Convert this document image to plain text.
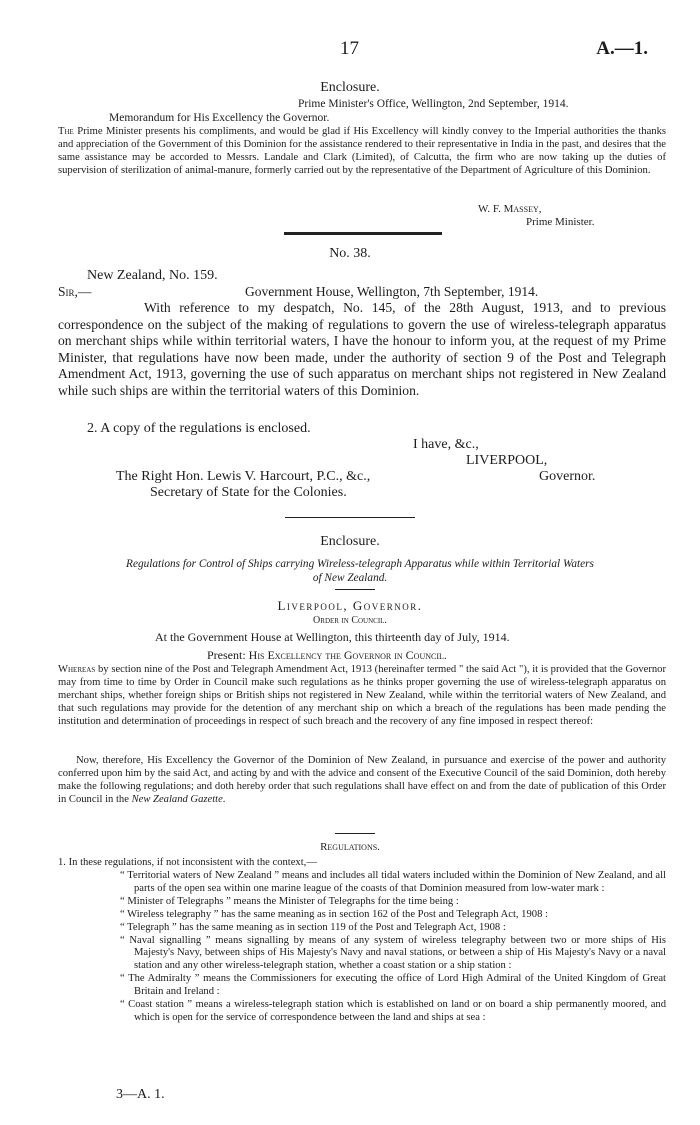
17	A.—1.
Enclosure.
Prime Minister's Office, Wellington, 2nd September, 1914.
Memorandum for His Excellency the Governor.
The Prime Minister presents his compliments, and would be glad if His Excellency will kindly convey to the Imperial authorities the thanks and appreciation of the Government of this Dominion for the assistance rendered to their representative in India in the past, and desires that the same assistance may be accorded to Messrs. Landale and Clark (Limited), of Calcutta, the firm who are now taking up the duties of supervision of sterilization of animal-manure, formerly carried out by the representative of the Department of Agriculture of this Dominion.
W. F. Massey,
Prime Minister.
No. 38.
New Zealand, No. 159.
Sir,—	Government House, Wellington, 7th September, 1914.
With reference to my despatch, No. 145, of the 28th August, 1913, and to previous correspondence on the subject of the making of regulations to govern the use of wireless-telegraph apparatus on merchant ships while within territorial waters, I have the honour to inform you, at the request of my Prime Minister, that regulations have now been made, under the authority of section 9 of the Post and Telegraph Amendment Act, 1913, governing the use of such apparatus on merchant ships not registered in New Zealand while such ships are within the territorial waters of this Dominion.
2. A copy of the regulations is enclosed.
I have, &c.,
LIVERPOOL,
Governor.
The Right Hon. Lewis V. Harcourt, P.C., &c.,
Secretary of State for the Colonies.
Enclosure.
Regulations for Control of Ships carrying Wireless-telegraph Apparatus while within Territorial Waters
of New Zealand.
Liverpool, Governor.
Order in Council.
At the Government House at Wellington, this thirteenth day of July, 1914.
Present: His Excellency the Governor in Council.
Whereas by section nine of the Post and Telegraph Amendment Act, 1913 (hereinafter termed " the said Act "), it is provided that the Governor may from time to time by Order in Council make such regulations as he thinks proper governing the use of wireless-telegraph apparatus on merchant ships, whether foreign ships or British ships not registered in New Zealand, while within the territorial waters of New Zealand, and that such regulations may provide for the detention of any merchant ship on which a breach of the regulations has been made pending the institution and determination of proceedings in respect of such breach and the recovery of any fine imposed in respect thereof:
Now, therefore, His Excellency the Governor of the Dominion of New Zealand, in pursuance and exercise of the power and authority conferred upon him by the said Act, and acting by and with the advice and consent of the Executive Council of the said Dominion, doth hereby make the following regulations; and doth hereby order that such regulations shall have effect on and from the date of publication of this Order in Council in the New Zealand Gazette.
Regulations.
1. In these regulations, if not inconsistent with the context,—
“ Territorial waters of New Zealand ” means and includes all tidal waters included within the Dominion of New Zealand, and all parts of the open sea within one marine league of the coasts of that Dominion measured from low-water mark :
“ Minister of Telegraphs ” means the Minister of Telegraphs for the time being :
“ Wireless telegraphy ” has the same meaning as in section 162 of the Post and Telegraph Act, 1908 :
“ Telegraph ” has the same meaning as in section 119 of the Post and Telegraph Act, 1908 :
“ Naval signalling ” means signalling by means of any system of wireless telegraphy between two or more ships of His Majesty's Navy, between ships of His Majesty's Navy and naval stations, or between a ship of His Majesty's Navy or a naval station and any other wireless-telegraph station, whether a coast station or a ship station :
“ The Admiralty ” means the Commissioners for executing the office of Lord High Admiral of the United Kingdom of Great Britain and Ireland :
“ Coast station ” means a wireless-telegraph station which is established on land or on board a ship permanently moored, and which is open for the service of correspondence between the land and ships at sea :
3—A. 1.
